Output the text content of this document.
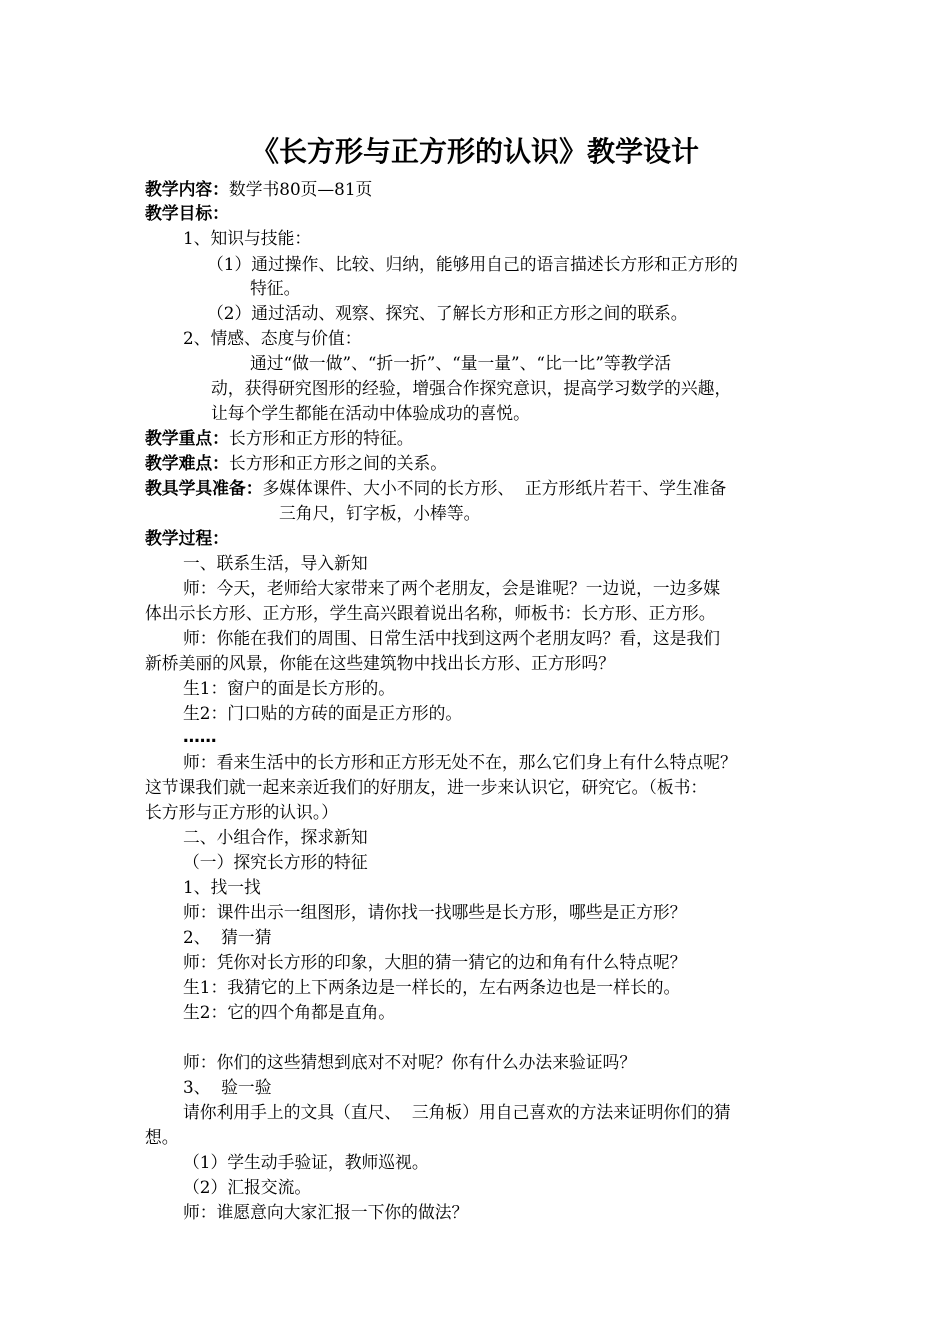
《长方形与正方形的认识》教学设计
教学内容：数学书80页—81页
教学目标：
1、知识与技能：
（1）通过操作、比较、归纳，能够用自己的语言描述长方形和正方形的
特征。
（2）通过活动、观察、探究、了解长方形和正方形之间的联系。
2、情感、态度与价值：
通过“做一做”、“折一折”、“量一量”、“比一比”等教学活
动，获得研究图形的经验，增强合作探究意识，提高学习数学的兴趣，
让每个学生都能在活动中体验成功的喜悦。
教学重点：长方形和正方形的特征。
教学难点：长方形和正方形之间的关系。
教具学具准备：多媒体课件、大小不同的长方形、  正方形纸片若干、学生准备
三角尺，钉字板，小棒等。
教学过程：
一、联系生活，导入新知
师：今天，老师给大家带来了两个老朋友，会是谁呢？一边说，一边多媒
体出示长方形、正方形，学生高兴跟着说出名称，师板书：长方形、正方形。
师：你能在我们的周围、日常生活中找到这两个老朋友吗？看，这是我们
新桥美丽的风景，你能在这些建筑物中找出长方形、正方形吗？
生1：窗户的面是长方形的。
生2：门口贴的方砖的面是正方形的。
……
师：看来生活中的长方形和正方形无处不在，那么它们身上有什么特点呢？
这节课我们就一起来亲近我们的好朋友，进一步来认识它，研究它。（板书：
长方形与正方形的认识。）
二、小组合作，探求新知
（一）探究长方形的特征
1、找一找
师：课件出示一组图形，请你找一找哪些是长方形，哪些是正方形？
2、  猜一猜
师：凭你对长方形的印象，大胆的猜一猜它的边和角有什么特点呢？
生1：我猜它的上下两条边是一样长的，左右两条边也是一样长的。
生2：它的四个角都是直角。
师：你们的这些猜想到底对不对呢？你有什么办法来验证吗？
3、  验一验
请你利用手上的文具（直尺、  三角板）用自己喜欢的方法来证明你们的猜
想。
（1）学生动手验证，教师巡视。
（2）汇报交流。
师：谁愿意向大家汇报一下你的做法？
